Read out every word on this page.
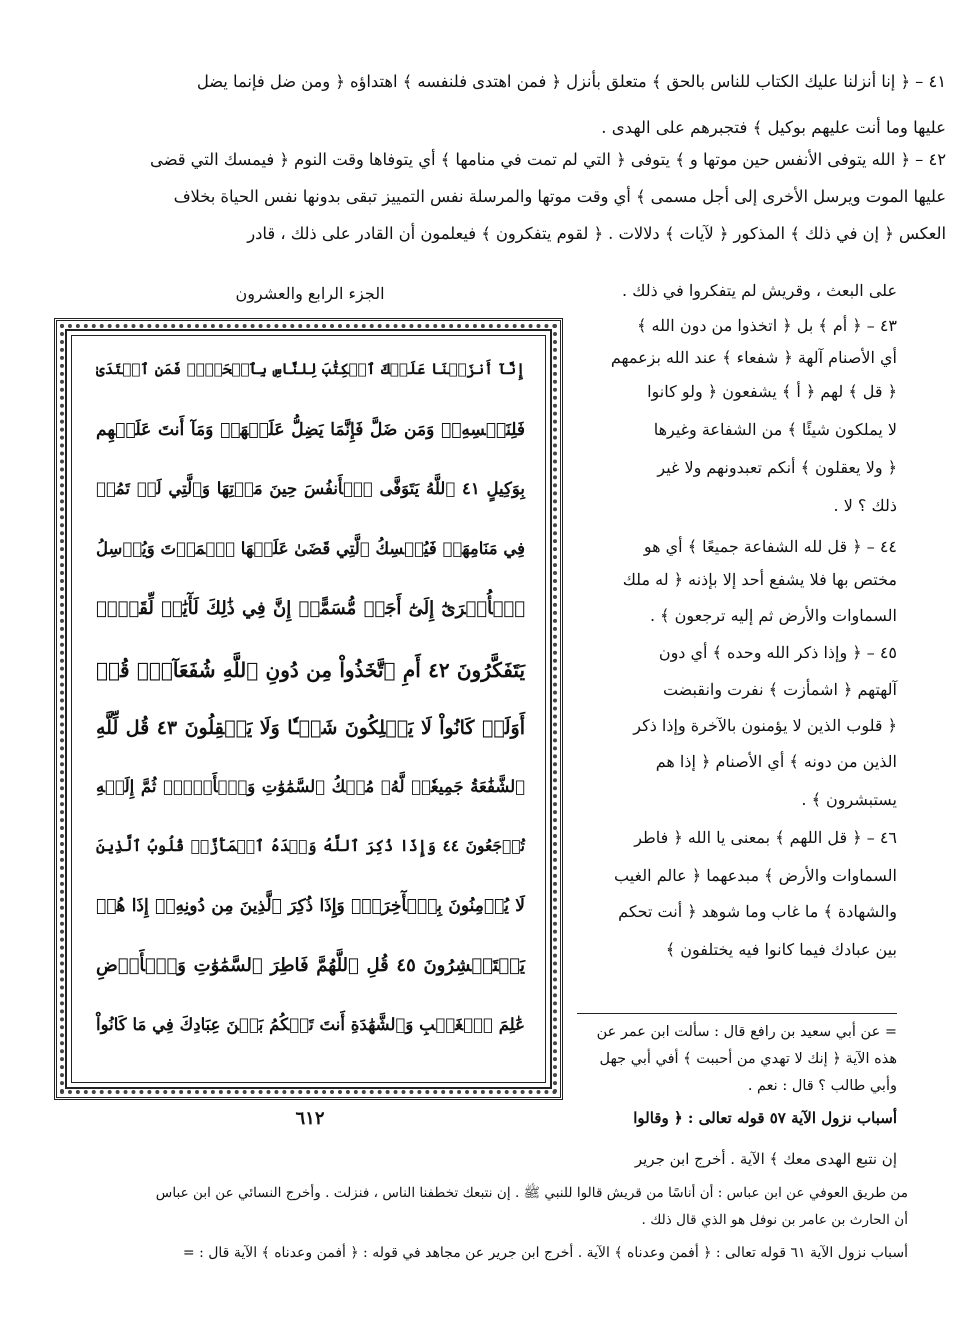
٤١ – ﴿ إنا أنزلنا عليك الكتاب للناس بالحق ﴾ متعلق بأنزل ﴿ فمن اهتدى فلنفسه ﴾ اهتداؤه ﴿ ومن ضل فإنما يضل
عليها وما أنت عليهم بوكيل ﴾ فتجبرهم على الهدى .
٤٢ – ﴿ الله يتوفى الأنفس حين موتها و ﴾ يتوفى ﴿ التي لم تمت في منامها ﴾ أي يتوفاها وقت النوم ﴿ فيمسك التي قضى
عليها الموت ويرسل الأخرى إلى أجل مسمى ﴾ أي وقت موتها والمرسلة نفس التمييز تبقى بدونها نفس الحياة بخلاف
العكس ﴿ إن في ذلك ﴾ المذكور ﴿ لآيات ﴾ دلالات . ﴿ لقوم يتفكرون ﴾ فيعلمون أن القادر على ذلك ، قادر
الجزء الرابع والعشرون	على البعث ، وقريش لم يتفكروا في ذلك .
٤٣ – ﴿ أم ﴾ بل ﴿ اتخذوا من دون الله ﴾
أي الأصنام آلهة ﴿ شفعاء ﴾ عند الله بزعمهم
﴿ قل ﴾ لهم ﴿ أ ﴾ يشفعون ﴿ ولو كانوا
لا يملكون شيئًا ﴾ من الشفاعة وغيرها
﴿ ولا يعقلون ﴾ أنكم تعبدونهم ولا غير
ذلك ؟ لا .
٤٤ – ﴿ قل لله الشفاعة جميعًا ﴾ أي هو
مختص بها فلا يشفع أحد إلا بإذنه ﴿ له ملك
السماوات والأرض ثم إليه ترجعون ﴾ .
٤٥ – ﴿ وإذا ذكر الله وحده ﴾ أي دون
آلهتهم ﴿ اشمأزت ﴾ نفرت وانقبضت
﴿ قلوب الذين لا يؤمنون بالآخرة وإذا ذكر
الذين من دونه ﴾ أي الأصنام ﴿ إذا هم
يستبشرون ﴾ .
٤٦ – ﴿ قل اللهم ﴾ بمعنى يا الله ﴿ فاطر
السماوات والأرض ﴾ مبدعهما ﴿ عالم الغيب
والشهادة ﴾ ما غاب وما شوهد ﴿ أنت تحكم
بين عبادك فيما كانوا فيه يختلفون ﴾
إِنَّآ أَنزَلۡنَا عَلَيۡكَ ٱلۡكِتَٰبَ لِلنَّاسِ بِٱلۡحَقِّۖ فَمَنِ ٱهۡتَدَىٰ
فَلِنَفۡسِهِۦۖ وَمَن ضَلَّ فَإِنَّمَا يَضِلُّ عَلَيۡهَاۖ وَمَآ أَنتَ عَلَيۡهِم
بِوَكِيلٍ ٤١ ٱللَّهُ يَتَوَفَّى ٱلۡأَنفُسَ حِينَ مَوۡتِهَا وَٱلَّتِي لَمۡ تَمُتۡ
فِي مَنَامِهَاۖ فَيُمۡسِكُ ٱلَّتِي قَضَىٰ عَلَيۡهَا ٱلۡمَوۡتَ وَيُرۡسِلُ
ٱلۡأُخۡرَىٰٓ إِلَىٰٓ أَجَلٖ مُّسَمًّىۚ إِنَّ فِي ذَٰلِكَ لَأٓيَٰتٖ لِّقَوۡمٖ
يَتَفَكَّرُونَ ٤٢ أَمِ ٱتَّخَذُواْ مِن دُونِ ٱللَّهِ شُفَعَآءَۚ قُلۡ
أَوَلَوۡ كَانُواْ لَا يَمۡلِكُونَ شَيۡـٔٗا وَلَا يَعۡقِلُونَ ٤٣ قُل لِّلَّهِ
ٱلشَّفَٰعَةُ جَمِيعٗاۖ لَّهُۥ مُلۡكُ ٱلسَّمَٰوَٰتِ وَٱلۡأَرۡضِۖ ثُمَّ إِلَيۡهِ
تُرۡجَعُونَ ٤٤ وَإِذَا ذُكِرَ ٱللَّهُ وَحۡدَهُ ٱشۡمَأَزَّتۡ قُلُوبُ ٱلَّذِينَ
لَا يُؤۡمِنُونَ بِٱلۡأٓخِرَةِۖ وَإِذَا ذُكِرَ ٱلَّذِينَ مِن دُونِهِۦٓ إِذَا هُمۡ
يَسۡتَبۡشِرُونَ ٤٥ قُلِ ٱللَّهُمَّ فَاطِرَ ٱلسَّمَٰوَٰتِ وَٱلۡأَرۡضِ
عَٰلِمَ ٱلۡغَيۡبِ وَٱلشَّهَٰدَةِ أَنتَ تَحۡكُمُ بَيۡنَ عِبَادِكَ فِي مَا كَانُواْ
٦١٢
= عن أبي سعيد بن رافع قال : سألت ابن عمر عن
هذه الآية ﴿ إنك لا تهدي من أحببت ﴾ أفي أبي جهل
وأبي طالب ؟ قال : نعم .
أسباب نزول الآية ٥٧ قوله تعالى : ﴿ وقالوا
إن نتبع الهدى معك ﴾ الآية . أخرج ابن جرير
من طريق العوفي عن ابن عباس : أن أناسًا من قريش قالوا للنبي ﷺ . إن نتبعك تخطفنا الناس ، فنزلت . وأخرج النسائي عن ابن عباس
أن الحارث بن عامر بن نوفل هو الذي قال ذلك .
أسباب نزول الآية ٦١ قوله تعالى : ﴿ أفمن وعدناه ﴾ الآية . أخرج ابن جرير عن مجاهد في قوله : ﴿ أفمن وعدناه ﴾ الآية قال : =
